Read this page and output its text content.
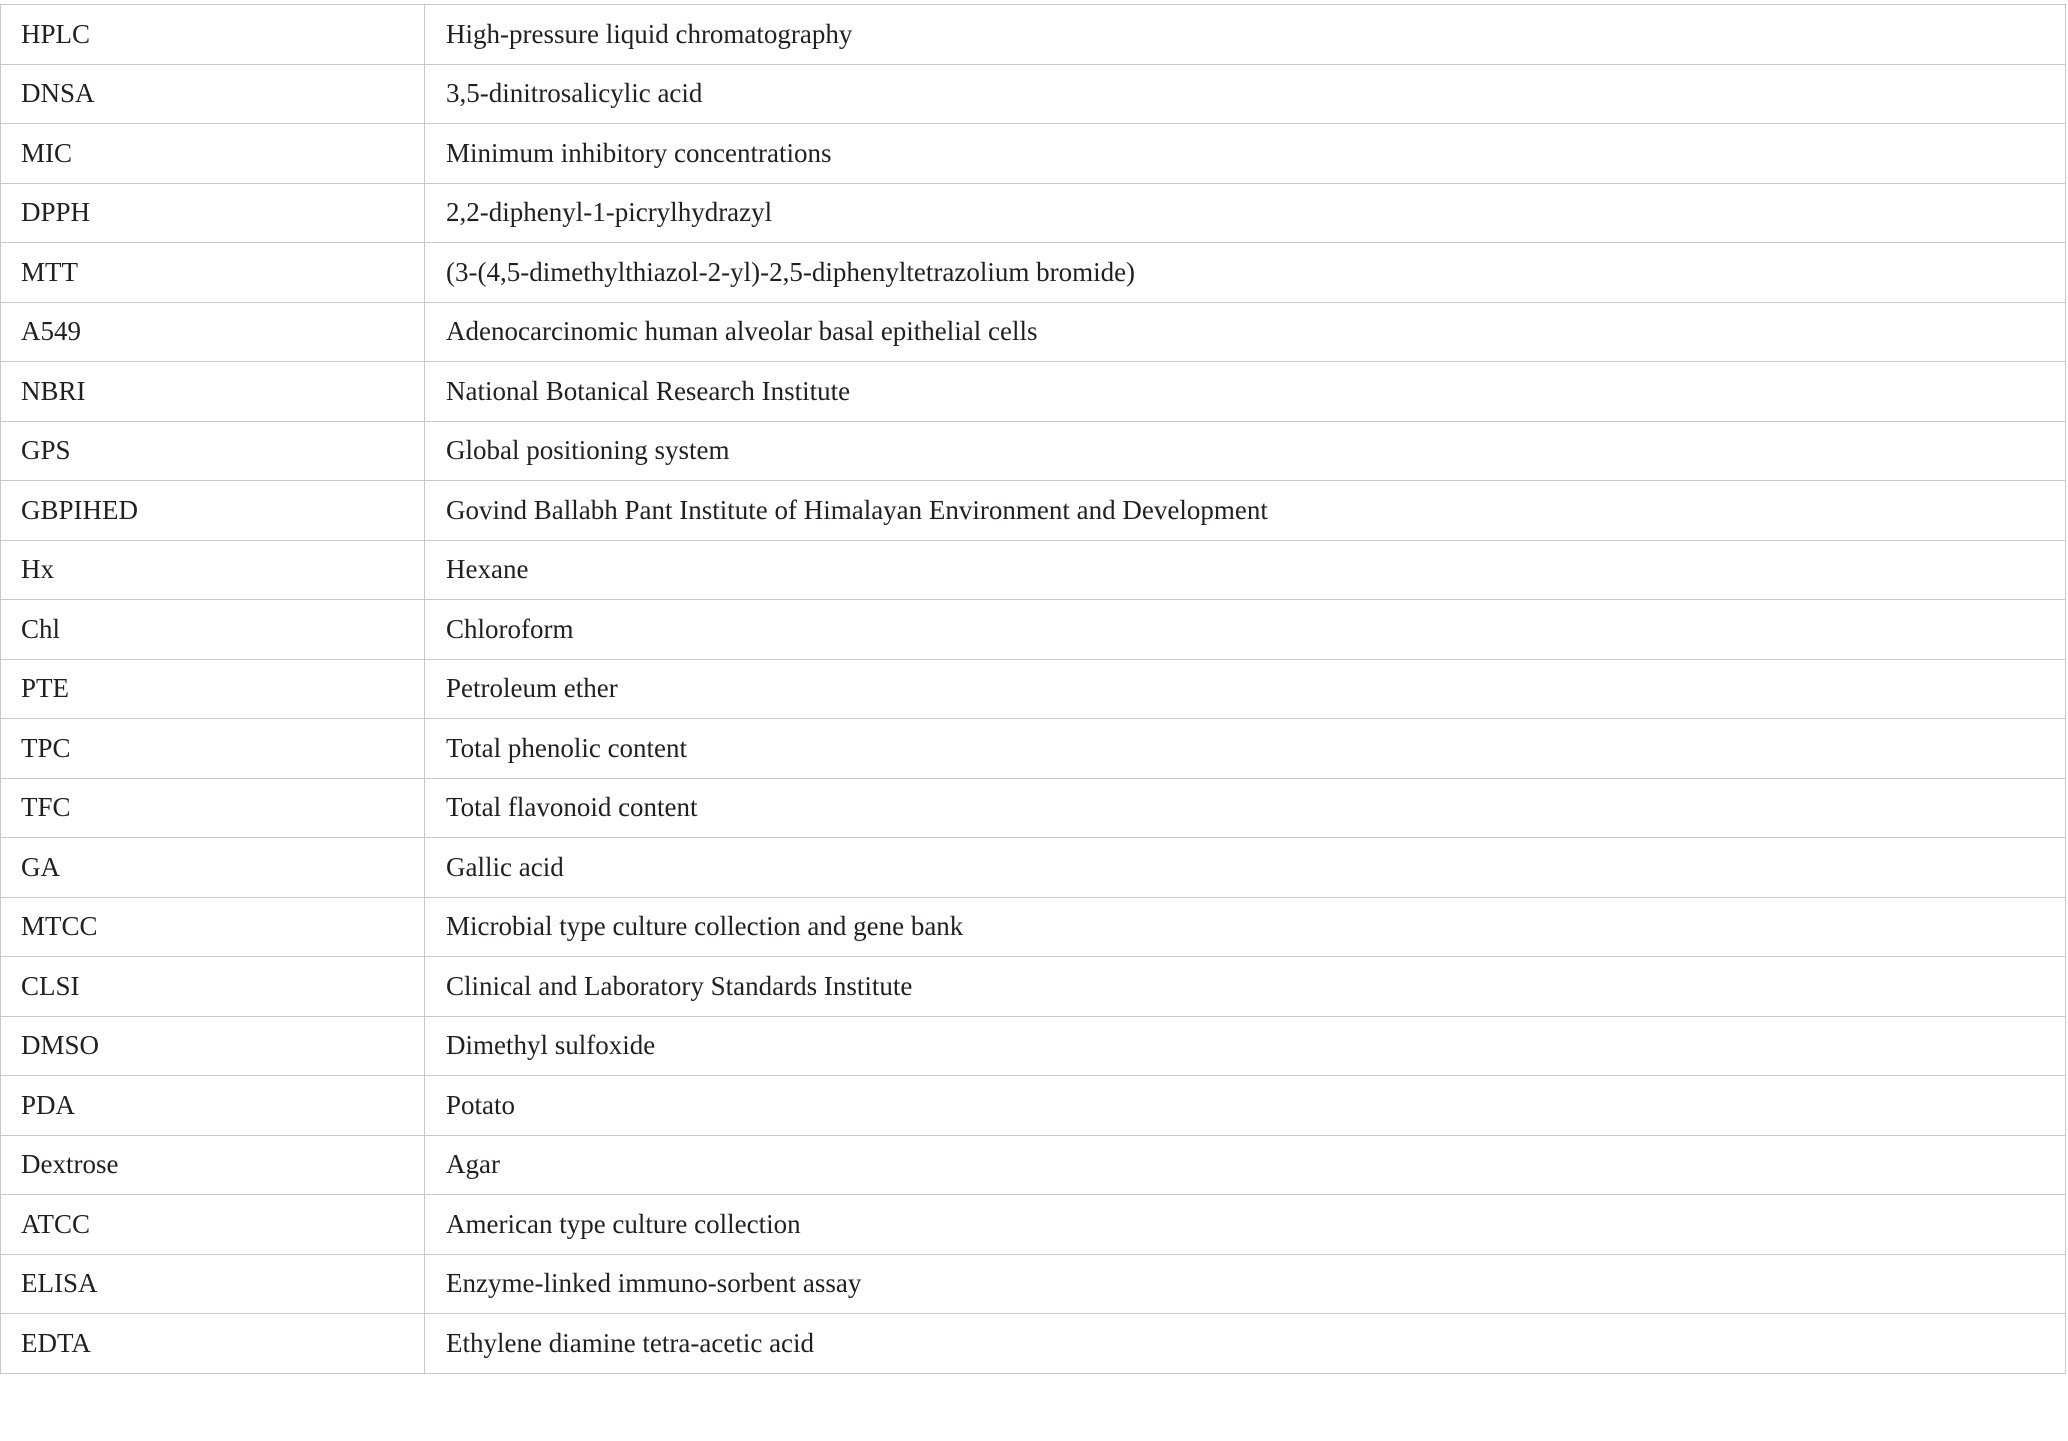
HPLC	High-pressure liquid chromatography
DNSA	3,5-dinitrosalicylic acid
MIC	Minimum inhibitory concentrations
DPPH	2,2-diphenyl-1-picrylhydrazyl
MTT	(3-(4,5-dimethylthiazol-2-yl)-2,5-diphenyltetrazolium bromide)
A549	Adenocarcinomic human alveolar basal epithelial cells
NBRI	National Botanical Research Institute
GPS	Global positioning system
GBPIHED	Govind Ballabh Pant Institute of Himalayan Environment and Development
Hx	Hexane
Chl	Chloroform
PTE	Petroleum ether
TPC	Total phenolic content
TFC	Total flavonoid content
GA	Gallic acid
MTCC	Microbial type culture collection and gene bank
CLSI	Clinical and Laboratory Standards Institute
DMSO	Dimethyl sulfoxide
PDA	Potato
Dextrose	Agar
ATCC	American type culture collection
ELISA	Enzyme-linked immuno-sorbent assay
EDTA	Ethylene diamine tetra-acetic acid
